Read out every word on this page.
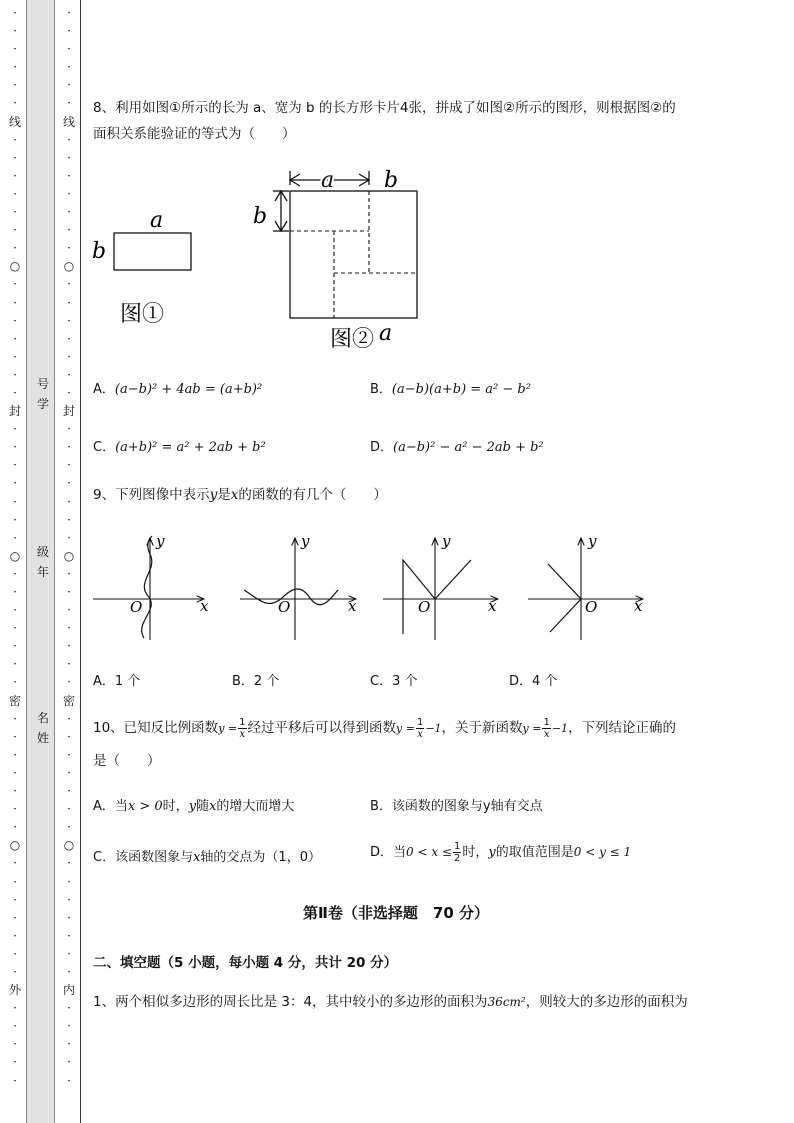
·
·
·
·
·
·
线
·
·
·
·
·
·
·
○
·
·
·
·
·
·
·
封
·
·
·
·
·
·
·
○
·
·
·
·
·
·
·
密
·
·
·
·
·
·
·
○
·
·
·
·
·
·
·
外
·
·
·
·
·
号
学
级
年
名
姓
·
·
·
·
·
·
线
·
·
·
·
·
·
·
○
·
·
·
·
·
·
·
封
·
·
·
·
·
·
·
○
·
·
·
·
·
·
·
密
·
·
·
·
·
·
·
○
·
·
·
·
·
·
·
内
·
·
·
·
·
8、利用如图①所示的长为 a、宽为 b 的长方形卡片4张，拼成了如图②所示的图形，则根据图②的
面积关系能验证的等式为（　　）
a
b
图①
a b
b
图② a
A．(a−b)² + 4ab = (a+b)²	B．(a−b)(a+b) = a² − b²
C．(a+b)² = a² + 2ab + b²	D．(a−b)² − a² − 2ab + b²
9、下列图像中表示y是x的函数的有几个（　　）
x
y
O	x
y
O	x
y
O	x
y
O
A．1 个	B．2 个	C．3 个	D．4 个
10、已知反比例函数$y = \frac{1}{x}$ 经过平移后可以得到函数$y = \frac{1}{x} -1$，关于新函数$y = \frac{1}{x} -1$，下列结论正确的
是（　　）
A．当x > 0时，y随x的增大而增大	B．该函数的图象与y轴有交点
C．该函数图象与x轴的交点为（1，0）	D．当$0 < x \le \frac{1}{2}$ 时，y的取值范围是0 < y ≤ 1
第Ⅱ卷（非选择题　70 分）
二、填空题（5 小题，每小题 4 分，共计 20 分）
1、两个相似多边形的周长比是 3：4，其中较小的多边形的面积为36cm²，则较大的多边形的面积为
